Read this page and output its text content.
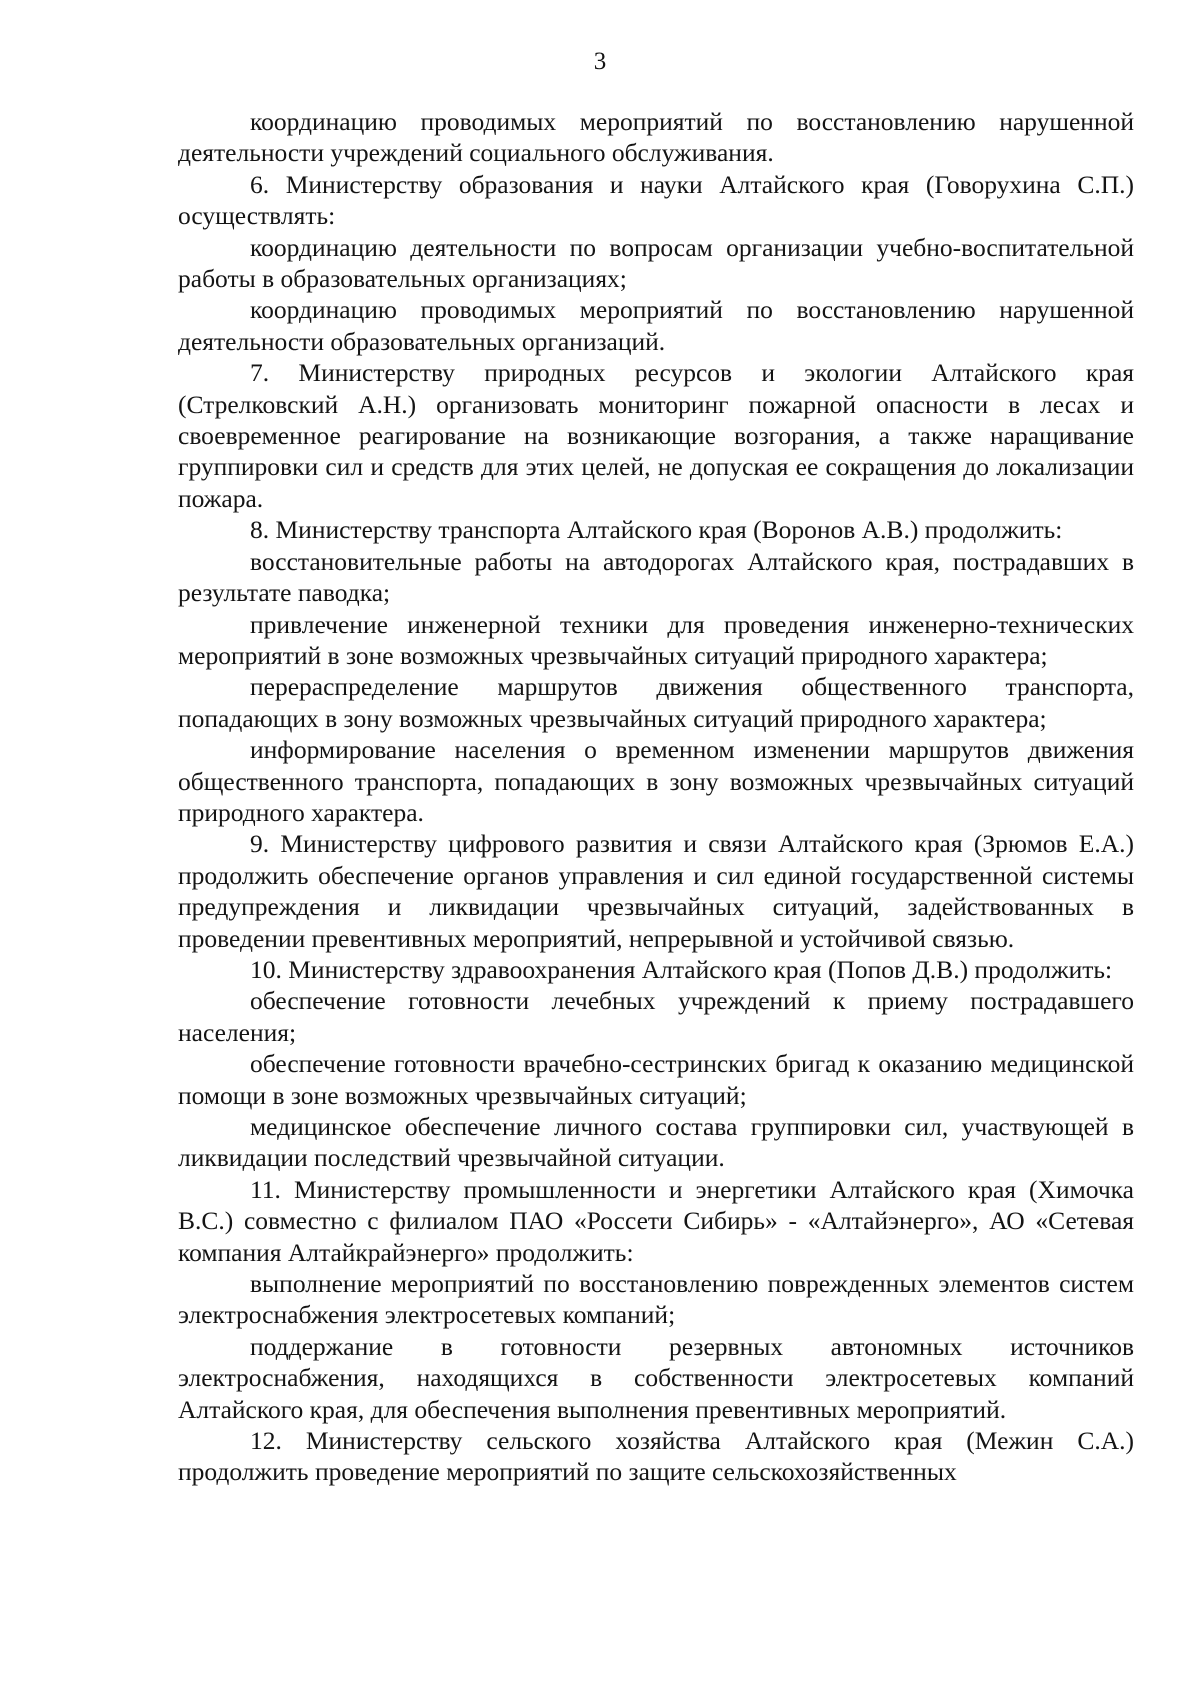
3

координацию проводимых мероприятий по восстановлению нарушенной деятельности учреждений социального обслуживания.

6. Министерству образования и науки Алтайского края (Говорухина С.П.) осуществлять:

координацию деятельности по вопросам организации учебно-воспитательной работы в образовательных организациях;

координацию проводимых мероприятий по восстановлению нарушенной деятельности образовательных организаций.

7. Министерству природных ресурсов и экологии Алтайского края (Стрелковский А.Н.) организовать мониторинг пожарной опасности в лесах и своевременное реагирование на возникающие возгорания, а также наращивание группировки сил и средств для этих целей, не допуская ее сокращения до локализации пожара.

8. Министерству транспорта Алтайского края (Воронов А.В.) продолжить:

восстановительные работы на автодорогах Алтайского края, пострадавших в результате паводка;

привлечение инженерной техники для проведения инженерно-технических мероприятий в зоне возможных чрезвычайных ситуаций природного характера;

перераспределение маршрутов движения общественного транспорта, попадающих в зону возможных чрезвычайных ситуаций природного характера;

информирование населения о временном изменении маршрутов движения общественного транспорта, попадающих в зону возможных чрезвычайных ситуаций природного характера.

9. Министерству цифрового развития и связи Алтайского края (Зрюмов Е.А.) продолжить обеспечение органов управления и сил единой государственной системы предупреждения и ликвидации чрезвычайных ситуаций, задействованных в проведении превентивных мероприятий, непрерывной и устойчивой связью.

10. Министерству здравоохранения Алтайского края (Попов Д.В.) продолжить:

обеспечение готовности лечебных учреждений к приему пострадавшего населения;

обеспечение готовности врачебно-сестринских бригад к оказанию медицинской помощи в зоне возможных чрезвычайных ситуаций;

медицинское обеспечение личного состава группировки сил, участвующей в ликвидации последствий чрезвычайной ситуации.

11. Министерству промышленности и энергетики Алтайского края (Химочка В.С.) совместно с филиалом ПАО «Россети Сибирь» - «Алтайэнерго», АО «Сетевая компания Алтайкрайэнерго» продолжить:

выполнение мероприятий по восстановлению поврежденных элементов систем электроснабжения электросетевых компаний;

поддержание в готовности резервных автономных источников электроснабжения, находящихся в собственности электросетевых компаний Алтайского края, для обеспечения выполнения превентивных мероприятий.

12. Министерству сельского хозяйства Алтайского края (Межин С.А.) продолжить проведение мероприятий по защите сельскохозяйственных
